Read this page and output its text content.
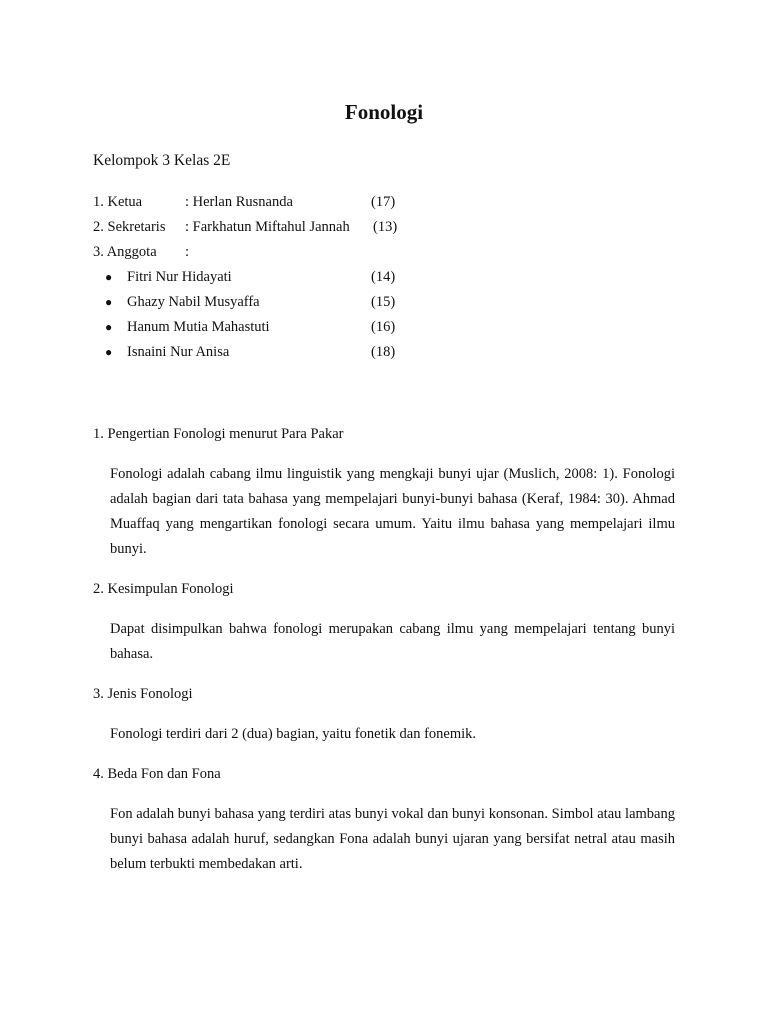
Fonologi

Kelompok 3 Kelas 2E

1. Ketua	: Herlan Rusnanda	(17)
2. Sekretaris : Farkhatun Miftahul Jannah (13)
3. Anggota :
● Fitri Nur Hidayati	(14)
● Ghazy Nabil Musyaffa	(15)
● Hanum Mutia Mahastuti	(16)
● Isnaini Nur Anisa	(18)

1. Pengertian Fonologi menurut Para Pakar

Fonologi adalah cabang ilmu linguistik yang mengkaji bunyi ujar (Muslich, 2008: 1). Fonologi adalah bagian dari tata bahasa yang mempelajari bunyi-bunyi bahasa (Keraf, 1984: 30). Ahmad Muaffaq yang mengartikan fonologi secara umum. Yaitu ilmu bahasa yang mempelajari ilmu bunyi.

2. Kesimpulan Fonologi

Dapat disimpulkan bahwa fonologi merupakan cabang ilmu yang mempelajari tentang bunyi bahasa.

3. Jenis Fonologi

Fonologi terdiri dari 2 (dua) bagian, yaitu fonetik dan fonemik.

4. Beda Fon dan Fona

Fon adalah bunyi bahasa yang terdiri atas bunyi vokal dan bunyi konsonan. Simbol atau lambang bunyi bahasa adalah huruf, sedangkan Fona adalah bunyi ujaran yang bersifat netral atau masih belum terbukti membedakan arti.
